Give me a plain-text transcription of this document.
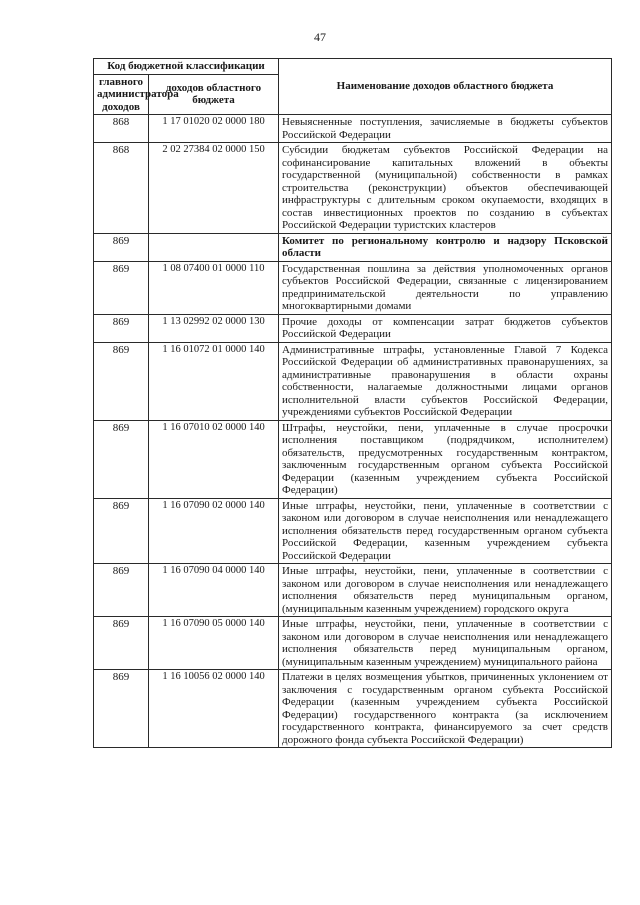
47
Код бюджетной классификации		Наименование доходов областного бюджета
главного администратора доходов	доходов областного бюджета	
868	1 17 01020 02 0000 180	Невыясненные поступления, зачисляемые в бюджеты субъектов Российской Федерации
868	2 02 27384 02 0000 150	Субсидии бюджетам субъектов Российской Федерации на софинансирование капитальных вложений в объекты государственной (муниципальной) собственности в рамках строительства (реконструкции) объектов обеспечивающей инфраструктуры с длительным сроком окупаемости, входящих в состав инвестиционных проектов по созданию в субъектах Российской Федерации туристских кластеров
869		Комитет по региональному контролю и надзору Псковской области
869	1 08 07400 01 0000 110	Государственная пошлина за действия уполномоченных органов субъектов Российской Федерации, связанные с лицензированием предпринимательской деятельности по управлению многоквартирными домами
869	1 13 02992 02 0000 130	Прочие доходы от компенсации затрат бюджетов субъектов Российской Федерации
869	1 16 01072 01 0000 140	Административные штрафы, установленные Главой 7 Кодекса Российской Федерации об административных правонарушениях, за административные правонарушения в области охраны собственности, налагаемые должностными лицами органов исполнительной власти субъектов Российской Федерации, учреждениями субъектов Российской Федерации
869	1 16 07010 02 0000 140	Штрафы, неустойки, пени, уплаченные в случае просрочки исполнения поставщиком (подрядчиком, исполнителем) обязательств, предусмотренных государственным контрактом, заключенным государственным органом субъекта Российской Федерации (казенным учреждением субъекта Российской Федерации)
869	1 16 07090 02 0000 140	Иные штрафы, неустойки, пени, уплаченные в соответствии с законом или договором в случае неисполнения или ненадлежащего исполнения обязательств перед государственным органом субъекта Российской Федерации, казенным учреждением субъекта Российской Федерации
869	1 16 07090 04 0000 140	Иные штрафы, неустойки, пени, уплаченные в соответствии с законом или договором в случае неисполнения или ненадлежащего исполнения обязательств перед муниципальным органом, (муниципальным казенным учреждением) городского округа
869	1 16 07090 05 0000 140	Иные штрафы, неустойки, пени, уплаченные в соответствии с законом или договором в случае неисполнения или ненадлежащего исполнения обязательств перед муниципальным органом, (муниципальным казенным учреждением) муниципального района
869	1 16 10056 02 0000 140	Платежи в целях возмещения убытков, причиненных уклонением от заключения с государственным органом субъекта Российской Федерации (казенным учреждением субъекта Российской Федерации) государственного контракта (за исключением государственного контракта, финансируемого за счет средств дорожного фонда субъекта Российской Федерации)
